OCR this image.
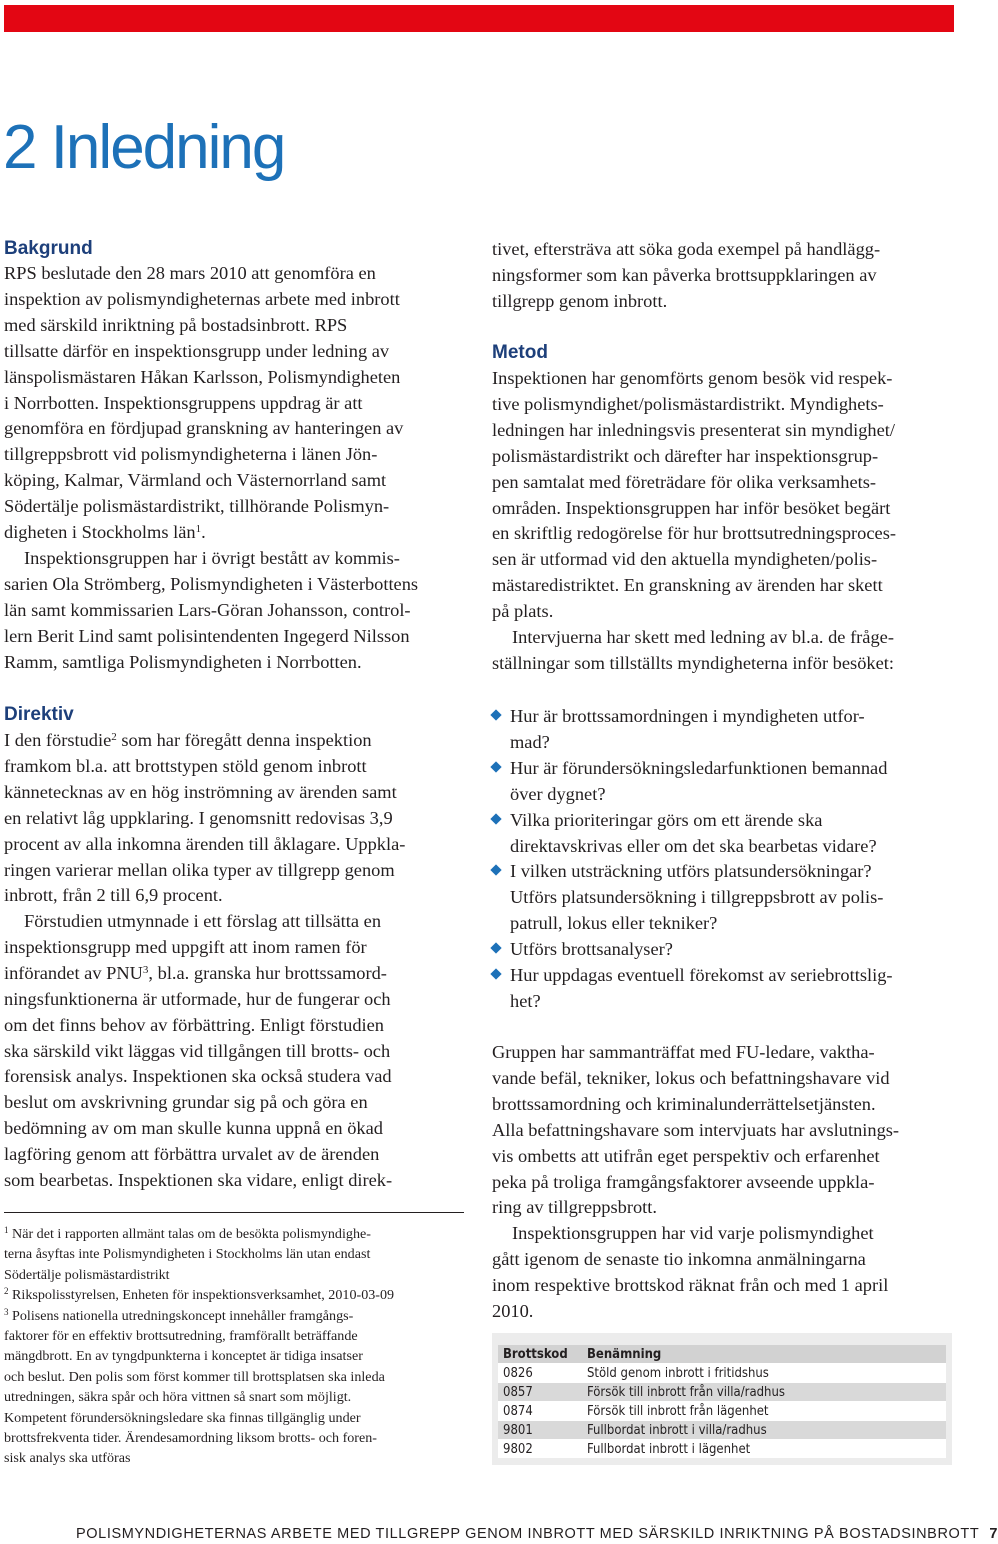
2 Inledning
Bakgrund
RPS beslutade den 28 mars 2010 att genomföra en
inspektion av polismyndigheternas arbete med inbrott
med särskild inriktning på bostadsinbrott. RPS
tillsatte därför en inspektionsgrupp under ledning av
länspolismästaren Håkan Karlsson, Polismyndigheten
i Norrbotten. Inspektionsgruppens uppdrag är att
genomföra en fördjupad granskning av hanteringen av
tillgreppsbrott vid polismyndigheterna i länen Jön-
köping, Kalmar, Värmland och Västernorrland samt
Södertälje polismästardistrikt, tillhörande Polismyn-
digheten i Stockholms län$^1$.
Inspektionsgruppen har i övrigt bestått av kommis-
sarien Ola Strömberg, Polismyndigheten i Västerbottens
län samt kommissarien Lars-Göran Johansson, control-
lern Berit Lind samt polisintendenten Ingegerd Nilsson
Ramm, samtliga Polismyndigheten i Norrbotten.
Direktiv
I den förstudie$^2$ som har föregått denna inspektion
framkom bl.a. att brottstypen stöld genom inbrott
kännetecknas av en hög inströmning av ärenden samt
en relativt låg uppklaring. I genomsnitt redovisas 3,9
procent av alla inkomna ärenden till åklagare. Uppkla-
ringen varierar mellan olika typer av tillgrepp genom
inbrott, från 2 till 6,9 procent.
Förstudien utmynnade i ett förslag att tillsätta en
inspektionsgrupp med uppgift att inom ramen för
införandet av PNU$^3$, bl.a. granska hur brottssamord-
ningsfunktionerna är utformade, hur de fungerar och
om det finns behov av förbättring. Enligt förstudien
ska särskild vikt läggas vid tillgången till brotts- och
forensisk analys. Inspektionen ska också studera vad
beslut om avskrivning grundar sig på och göra en
bedömning av om man skulle kunna uppnå en ökad
lagföring genom att förbättra urvalet av de ärenden
som bearbetas. Inspektionen ska vidare, enligt direk-
$^1$ När det i rapporten allmänt talas om de besökta polismyndighe-
terna åsyftas inte Polismyndigheten i Stockholms län utan endast
Södertälje polismästardistrikt
$^2$ Rikspolisstyrelsen, Enheten för inspektionsverksamhet, 2010-03-09
$^3$ Polisens nationella utredningskoncept innehåller framgångs-
faktorer för en effektiv brottsutredning, framförallt beträffande
mängdbrott. En av tyngdpunkterna i konceptet är tidiga insatser
och beslut. Den polis som först kommer till brottsplatsen ska inleda
utredningen, säkra spår och höra vittnen så snart som möjligt.
Kompetent förundersökningsledare ska finnas tillgänglig under
brottsfrekventa tider. Ärendesamordning liksom brotts- och foren-
sisk analys ska utföras
tivet, eftersträva att söka goda exempel på handlägg-
ningsformer som kan påverka brottsuppklaringen av
tillgrepp genom inbrott.
Metod
Inspektionen har genomförts genom besök vid respek-
tive polismyndighet/polismästardistrikt. Myndighets-
ledningen har inledningsvis presenterat sin myndighet/
polismästardistrikt och därefter har inspektionsgrup-
pen samtalat med företrädare för olika verksamhets-
områden. Inspektionsgruppen har inför besöket begärt
en skriftlig redogörelse för hur brottsutredningsproces-
sen är utformad vid den aktuella myndigheten/polis-
mästaredistriktet. En granskning av ärenden har skett
på plats.
Intervjuerna har skett med ledning av bl.a. de fråge-
ställningar som tillställts myndigheterna inför besöket:
Hur är brottssamordningen i myndigheten utfor-
mad?
Hur är förundersökningsledarfunktionen bemannad
över dygnet?
Vilka prioriteringar görs om ett ärende ska
direktavskrivas eller om det ska bearbetas vidare?
I vilken utsträckning utförs platsundersökningar?
Utförs platsundersökning i tillgreppsbrott av polis-
patrull, lokus eller tekniker?
Utförs brottsanalyser?
Hur uppdagas eventuell förekomst av seriebrottslig-
het?
Gruppen har sammanträffat med FU-ledare, vaktha-
vande befäl, tekniker, lokus och befattningshavare vid
brottssamordning och kriminalunderrättelsetjänsten.
Alla befattningshavare som intervjuats har avslutnings-
vis ombetts att utifrån eget perspektiv och erfarenhet
peka på troliga framgångsfaktorer avseende uppkla-
ring av tillgreppsbrott.
Inspektionsgruppen har vid varje polismyndighet
gått igenom de senaste tio inkomna anmälningarna
inom respektive brottskod räknat från och med 1 april
2010.
Brottskod	Benämning
0826	Stöld genom inbrott i fritidshus
0857	Försök till inbrott från villa/radhus
0874	Försök till inbrott från lägenhet
9801	Fullbordat inbrott i villa/radhus
9802	Fullbordat inbrott i lägenhet
POLISMYNDIGHETERNAS ARBETE MED TILLGREPP GENOM INBROTT MED SÄRSKILD INRIKTNING PÅ BOSTADSINBROTT 7
